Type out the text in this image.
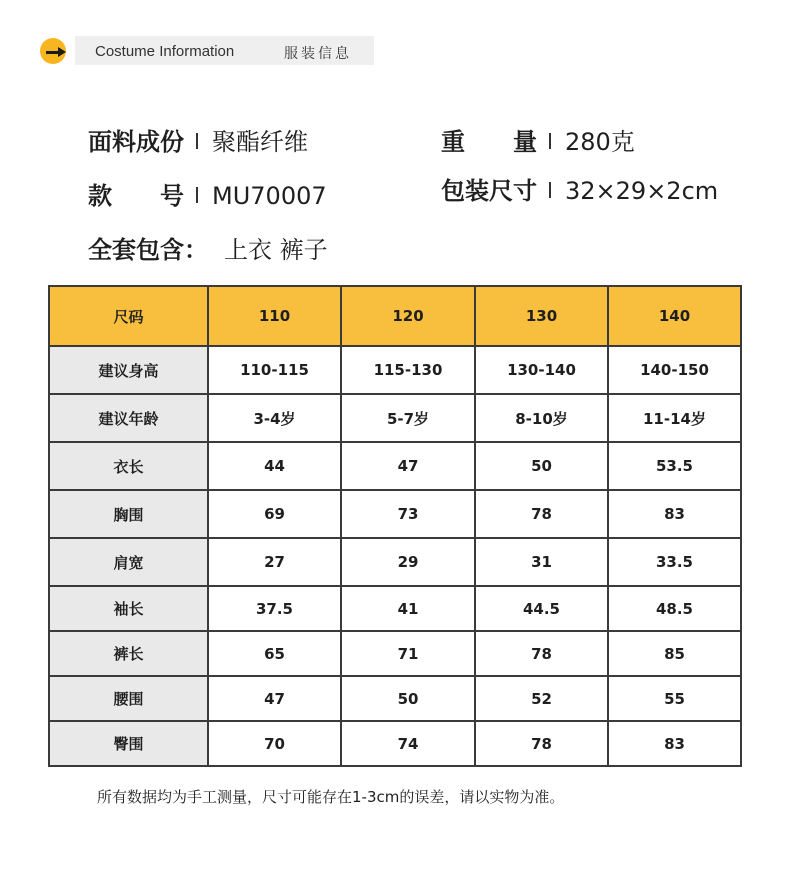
Costume Information	服装信息
面料成份 聚酯纤维	重　　量 280克
款　　号 MU70007	包装尺寸 32×29×2cm
全套包含： 上衣 裤子
尺码	110	120	130	140
建议身高	110-115	115-130	130-140	140-150
建议年龄	3-4岁	5-7岁	8-10岁	11-14岁
衣长	44	47	50	53.5
胸围	69	73	78	83
肩宽	27	29	31	33.5
袖长	37.5	41	44.5	48.5
裤长	65	71	78	85
腰围	47	50	52	55
臀围	70	74	78	83
所有数据均为手工测量，尺寸可能存在1-3cm的误差，请以实物为准。
